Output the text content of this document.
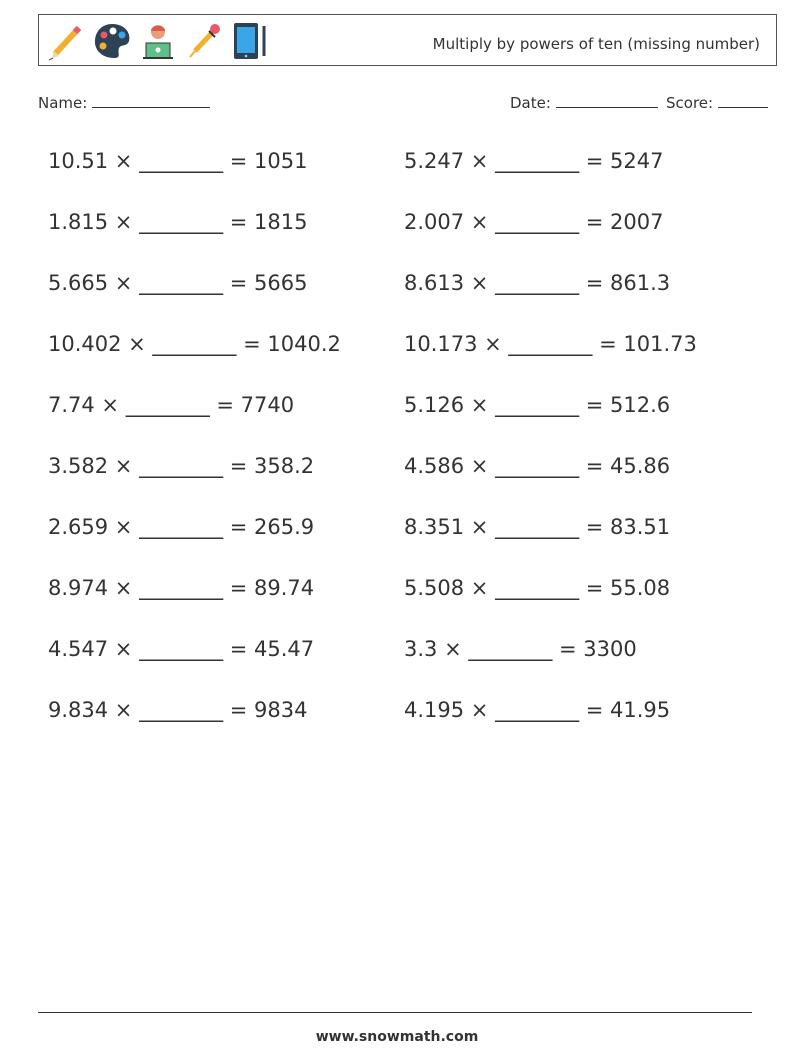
Multiply by powers of ten (missing number)
Name:	Date:	Score:
10.51 × ________ = 1051
1.815 × ________ = 1815
5.665 × ________ = 5665
10.402 × ________ = 1040.2
7.74 × ________ = 7740
3.582 × ________ = 358.2
2.659 × ________ = 265.9
8.974 × ________ = 89.74
4.547 × ________ = 45.47
9.834 × ________ = 9834
5.247 × ________ = 5247
2.007 × ________ = 2007
8.613 × ________ = 861.3
10.173 × ________ = 101.73
5.126 × ________ = 512.6
4.586 × ________ = 45.86
8.351 × ________ = 83.51
5.508 × ________ = 55.08
3.3 × ________ = 3300
4.195 × ________ = 41.95
www.snowmath.com
